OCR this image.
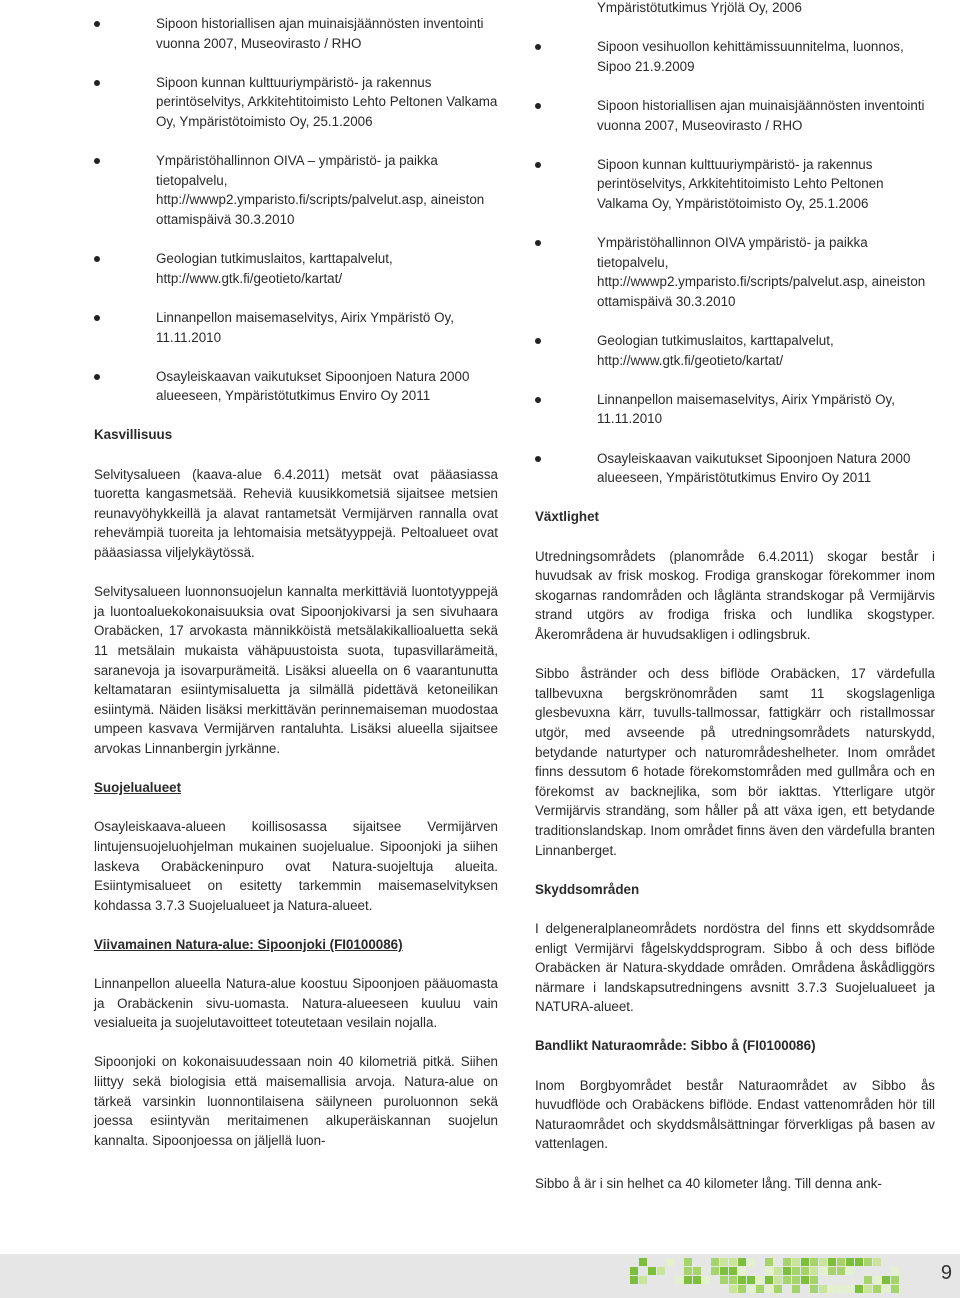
Sipoon historiallisen ajan muinaisjäännösten inventointi vuonna 2007, Museovirasto / RHO
Sipoon kunnan kulttuuriympäristö- ja rakennus perintöselvitys, Arkkitehtitoimisto Lehto Peltonen Valkama Oy, Ympäristötoimisto Oy, 25.1.2006
Ympäristöhallinnon OIVA – ympäristö- ja paikka tietopalvelu, http://wwwp2.ymparisto.fi/scripts/palvelut.asp, aineiston ottamispäivä 30.3.2010
Geologian tutkimuslaitos, karttapalvelut, http://www.gtk.fi/geotieto/kartat/
Linnanpellon maisemaselvitys, Airix Ympäristö Oy, 11.11.2010
Osayleiskaavan vaikutukset Sipoonjoen Natura 2000 alueeseen, Ympäristötutkimus Enviro Oy 2011
Kasvillisuus

Selvitysalueen (kaava-alue 6.4.2011) metsät ovat pääasiassa tuoretta kangasmetsää. Reheviä kuusikkometsiä sijaitsee metsien reunavyöhykkeillä ja alavat rantametsät Vermijärven rannalla ovat rehevämpiä tuoreita ja lehtomaisia metsätyyppejä. Peltoalueet ovat pääasiassa viljelykäytössä.

Selvitysalueen luonnonsuojelun kannalta merkittäviä luontotyyppejä ja luontoaluekokonaisuuksia ovat Sipoonjokivarsi ja sen sivuhaara Orabäcken, 17 arvokasta männikköistä metsälakikallioaluetta sekä 11 metsälain mukaista vähäpuustoista suota, tupasvillarämeitä, saranevoja ja isovarpurämeitä. Lisäksi alueella on 6 vaarantunutta keltamataran esiintymisaluetta ja silmällä pidettävä ketoneilikan esiintymä. Näiden lisäksi merkittävän perinnemaiseman muodostaa umpeen kasvava Vermijärven rantaluhta. Lisäksi alueella sijaitsee arvokas Linnanbergin jyrkänne.

Suojelualueet

Osayleiskaava-alueen koillisosassa sijaitsee Vermijärven lintujensuojeluohjelman mukainen suojelualue. Sipoonjoki ja siihen laskeva Orabäckeninpuro ovat Natura-suojeltuja alueita. Esiintymisalueet on esitetty tarkemmin maisemaselvityksen kohdassa 3.7.3 Suojelualueet ja Natura-alueet.

Viivamainen Natura-alue: Sipoonjoki (FI0100086)

Linnanpellon alueella Natura-alue koostuu Sipoonjoen pääuomasta ja Orabäckenin sivu-uomasta. Natura-alueeseen kuuluu vain vesialueita ja suojelutavoitteet toteutetaan vesilain nojalla.

Sipoonjoki on kokonaisuudessaan noin 40 kilometriä pitkä. Siihen liittyy sekä biologisia että maisemallisia arvoja. Natura-alue on tärkeä varsinkin luonnontilaisena säilyneen puroluonnon sekä joessa esiintyvän meritaimenen alkuperäiskannan suojelun kannalta. Sipoonjoessa on jäljellä luon-

Ympäristötutkimus Yrjölä Oy, 2006

Sipoon vesihuollon kehittämissuunnitelma, luonnos, Sipoo 21.9.2009
Sipoon historiallisen ajan muinaisjäännösten inventointi vuonna 2007, Museovirasto / RHO
Sipoon kunnan kulttuuriympäristö- ja rakennus perintöselvitys, Arkkitehtitoimisto Lehto Peltonen Valkama Oy, Ympäristötoimisto Oy, 25.1.2006
Ympäristöhallinnon OIVA ympäristö- ja paikka tietopalvelu, http://wwwp2.ymparisto.fi/scripts/palvelut.asp, aineiston ottamispäivä 30.3.2010
Geologian tutkimuslaitos, karttapalvelut, http://www.gtk.fi/geotieto/kartat/
Linnanpellon maisemaselvitys, Airix Ympäristö Oy, 11.11.2010
Osayleiskaavan vaikutukset Sipoonjoen Natura 2000 alueeseen, Ympäristötutkimus Enviro Oy 2011
Växtlighet

Utredningsområdets (planområde 6.4.2011) skogar består i huvudsak av frisk moskog. Frodiga granskogar förekommer inom skogarnas randområden och låglänta strandskogar på Vermijärvis strand utgörs av frodiga friska och lundlika skogstyper. Åkerområdena är huvudsakligen i odlingsbruk.

Sibbo åstränder och dess biflöde Orabäcken, 17 värdefulla tallbevuxna bergskrönområden samt 11 skogslagenliga glesbevuxna kärr, tuvulls-tallmossar, fattigkärr och ristallmossar utgör, med avseende på utredningsområdets naturskydd, betydande naturtyper och naturområdeshelheter. Inom området finns dessutom 6 hotade förekomstområden med gullmåra och en förekomst av backnejlika, som bör iakttas. Ytterligare utgör Vermijärvis strandäng, som håller på att växa igen, ett betydande traditionslandskap. Inom området finns även den värdefulla branten Linnanberget.

Skyddsområden

I delgeneralplaneområdets nordöstra del finns ett skyddsområde enligt Vermijärvi fågelskyddsprogram. Sibbo å och dess biflöde Orabäcken är Natura-skyddade områden. Områdena åskådliggörs närmare i landskapsutredningens avsnitt 3.7.3 Suojelualueet ja NATURA-alueet.

Bandlikt Naturaområde: Sibbo å (FI0100086)

Inom Borgbyområdet består Naturaområdet av Sibbo ås huvudflöde och Orabäckens biflöde. Endast vattenområden hör till Naturaområdet och skyddsmålsättningar förverkligas på basen av vattenlagen.

Sibbo å är i sin helhet ca 40 kilometer lång. Till denna ank-

9
